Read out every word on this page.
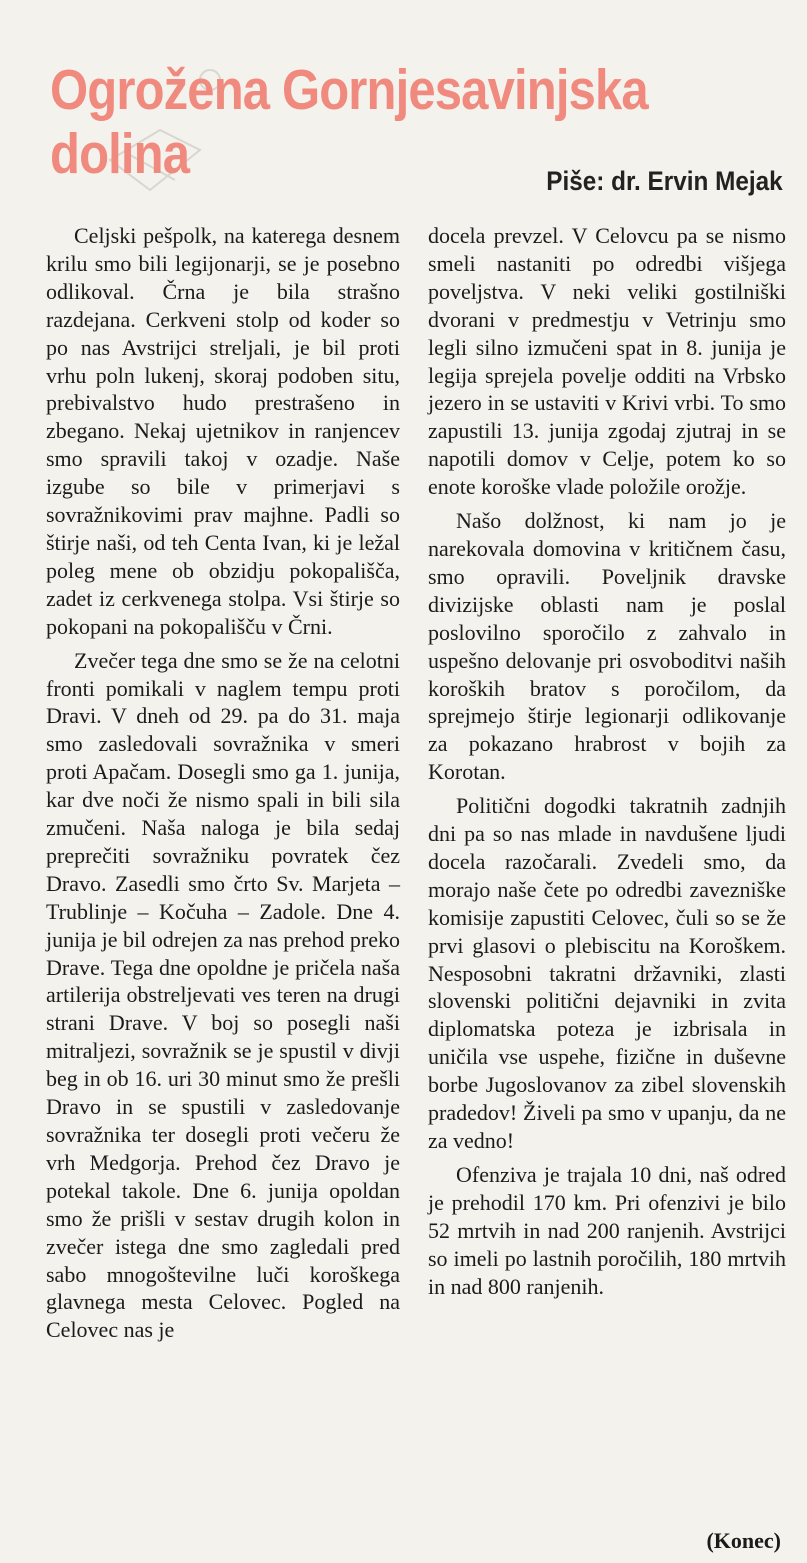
Ogrožena Gornjesavinjska dolina	Piše: dr. Ervin Mejak

Celjski pešpolk, na katerega desnem krilu smo bili legijonarji, se je posebno odlikoval. Črna je bila strašno razdejana. Cerkveni stolp od koder so po nas Avstrijci streljali, je bil proti vrhu poln lukenj, skoraj podoben situ, prebivalstvo hudo prestrašeno in zbegano. Nekaj ujetnikov in ranjencev smo spravili takoj v ozadje. Naše izgube so bile v primerjavi s sovražnikovimi prav majhne. Padli so štirje naši, od teh Centa Ivan, ki je ležal poleg mene ob obzidju pokopališča, zadet iz cerkvenega stolpa. Vsi štirje so pokopani na pokopališču v Črni.

Zvečer tega dne smo se že na celotni fronti pomikali v naglem tempu proti Dravi. V dneh od 29. pa do 31. maja smo zasledovali sovražnika v smeri proti Apačam. Dosegli smo ga 1. junija, kar dve noči že nismo spali in bili sila zmučeni. Naša naloga je bila sedaj preprečiti sovražniku povratek čez Dravo. Zasedli smo črto Sv. Marjeta – Trublinje – Kočuha – Zadole. Dne 4. junija je bil odrejen za nas prehod preko Drave. Tega dne opoldne je pričela naša artilerija obstreljevati ves teren na drugi strani Drave. V boj so posegli naši mitraljezi, sovražnik se je spustil v divji beg in ob 16. uri 30 minut smo že prešli Dravo in se spustili v zasledovanje sovražnika ter dosegli proti večeru že vrh Medgorja. Prehod čez Dravo je potekal takole. Dne 6. junija opoldan smo že prišli v sestav drugih kolon in zvečer istega dne smo zagledali pred sabo mnogoštevilne luči koroškega glavnega mesta Celovec. Pogled na Celovec nas je

docela prevzel. V Celovcu pa se nismo smeli nastaniti po odredbi višjega poveljstva. V neki veliki gostilniški dvorani v predmestju v Vetrinju smo legli silno izmučeni spat in 8. junija je legija sprejela povelje odditi na Vrbsko jezero in se ustaviti v Krivi vrbi. To smo zapustili 13. junija zgodaj zjutraj in se napotili domov v Celje, potem ko so enote koroške vlade položile orožje.

Našo dolžnost, ki nam jo je narekovala domovina v kritičnem času, smo opravili. Poveljnik dravske divizijske oblasti nam je poslal poslovilno sporočilo z zahvalo in uspešno delovanje pri osvoboditvi naših koroških bratov s poročilom, da sprejmejo štirje legionarji odlikovanje za pokazano hrabrost v bojih za Korotan.

Politični dogodki takratnih zadnjih dni pa so nas mlade in navdušene ljudi docela razočarali. Zvedeli smo, da morajo naše čete po odredbi zavezniške komisije zapustiti Celovec, čuli so se že prvi glasovi o plebiscitu na Koroškem. Nesposobni takratni državniki, zlasti slovenski politični dejavniki in zvita diplomatska poteza je izbrisala in uničila vse uspehe, fizične in duševne borbe Jugoslovanov za zibel slovenskih pradedov! Živeli pa smo v upanju, da ne za vedno!

Ofenziva je trajala 10 dni, naš odred je prehodil 170 km. Pri ofenzivi je bilo 52 mrtvih in nad 200 ranjenih. Avstrijci so imeli po lastnih poročilih, 180 mrtvih in nad 800 ranjenih.

(Konec)
